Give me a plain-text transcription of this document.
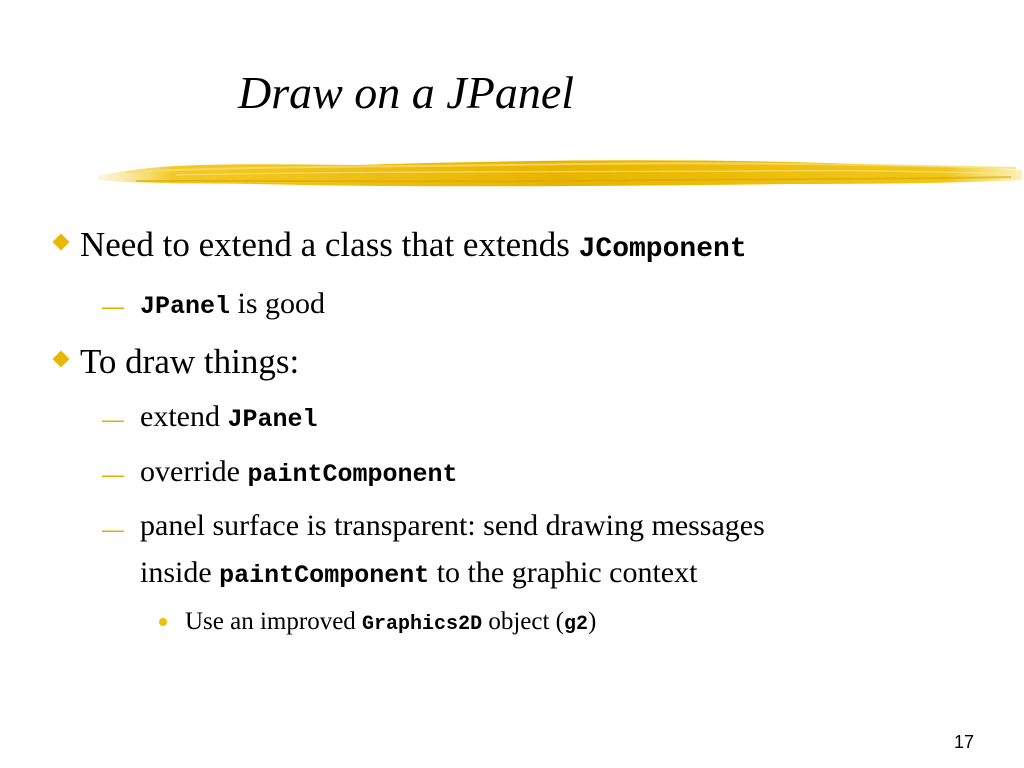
Draw on a JPanel
Need to extend a class that extends JComponent
— JPanel is good
To draw things:
— extend JPanel
— override paintComponent
— panel surface is transparent: send drawing messages
inside paintComponent to the graphic context
Use an improved Graphics2D object (g2)
17
